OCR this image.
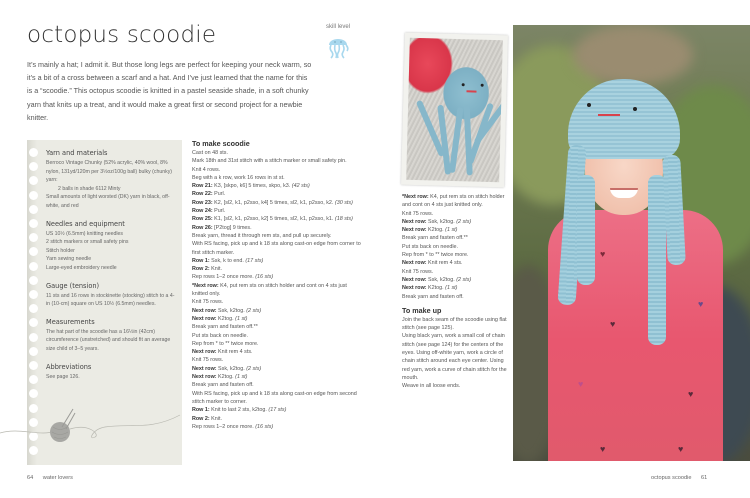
octopus scoodie	skill level

It’s mainly a hat; I admit it. But those long legs are perfect for keeping your neck warm, so it’s a bit of a cross between a scarf and a hat. And I’ve just learned that the name for this is a “scoodie.” This octopus scoodie is knitted in a pastel seaside shade, in a soft chunky yarn that knits up a treat, and it would make a great first or second project for a newbie knitter.

Yarn and materials
Berroco Vintage Chunky (52% acrylic, 40% wool, 8% nylon, 131yd/120m per 3½oz/100g ball) bulky (chunky) yarn:
2 balls in shade 6112 Minty
Small amounts of light worsted (DK) yarn in black, off-white, and red
Needles and equipment
US 10½ (6.5mm) knitting needles
2 stitch markers or small safety pins
Stitch holder
Yarn sewing needle
Large-eyed embroidery needle
Gauge (tension)
11 sts and 16 rows in stockinette (stocking) stitch to a 4-in (10-cm) square on US 10½ (6.5mm) needles.
Measurements
The hat part of the scoodie has a 16½in (42cm) circumference (unstretched) and should fit an average size child of 3–5 years.
Abbreviations
See page 126.
To make scoodie
Cast on 48 sts.
Mark 18th and 31st stitch with a stitch marker or small safety pin.
Knit 4 rows.
Beg with a k row, work 16 rows in st st.
Row 21: K3, [skpo, k6] 5 times, skpo, k3. (42 sts)
Row 22: Purl.
Row 23: K2, [sl2, k1, p2sso, k4] 5 times, sl2, k1, p2sso, k2. (30 sts)
Row 24: Purl.
Row 25: K1, [sl2, k1, p2sso, k2] 5 times, sl2, k1, p2sso, k1. (18 sts)
Row 26: [P2tog] 9 times.
Break yarn, thread it through rem sts, and pull up securely.
With RS facing, pick up and k 18 sts along cast-on edge from corner to first stitch marker.
Row 1: Ssk, k to end. (17 sts)
Row 2: Knit.
Rep rows 1–2 once more. (16 sts)
*Next row: K4, put rem sts on stitch holder and cont on 4 sts just knitted only.
Knit 75 rows.
Next row: Ssk, k2tog. (2 sts)
Next row: K2tog. (1 st)
Break yarn and fasten off.**
Put sts back on needle.
Rep from * to ** twice more.
Next row: Knit rem 4 sts.
Knit 75 rows.
Next row: Ssk, k2tog. (2 sts)
Next row: K2tog. (1 st)
Break yarn and fasten off.
With RS facing, pick up and k 18 sts along cast-on edge from second stitch marker to corner.
Row 1: Knit to last 2 sts, k2tog. (17 sts)
Row 2: Knit.
Rep rows 1–2 once more. (16 sts)
64 water lovers
*Next row: K4, put rem sts on stitch holder and cont on 4 sts just knitted only.
Knit 75 rows.
Next row: Ssk, k2tog. (2 sts)
Next row: K2tog. (1 st)
Break yarn and fasten off.**
Put sts back on needle.
Rep from * to ** twice more.
Next row: Knit rem 4 sts.
Knit 75 rows.
Next row: Ssk, k2tog. (2 sts)
Next row: K2tog. (1 st)
Break yarn and fasten off.
To make up
Join the back seam of the scoodie using flat stitch (see page 125).
Using black yarn, work a small coil of chain stitch (see page 124) for the centers of the eyes. Using off-white yarn, work a circle of chain stitch around each eye center. Using red yarn, work a curve of chain stitch for the mouth.
Weave in all loose ends.
♥
♥
♥
♥
♥
♥	♥
octopus scoodie 61
